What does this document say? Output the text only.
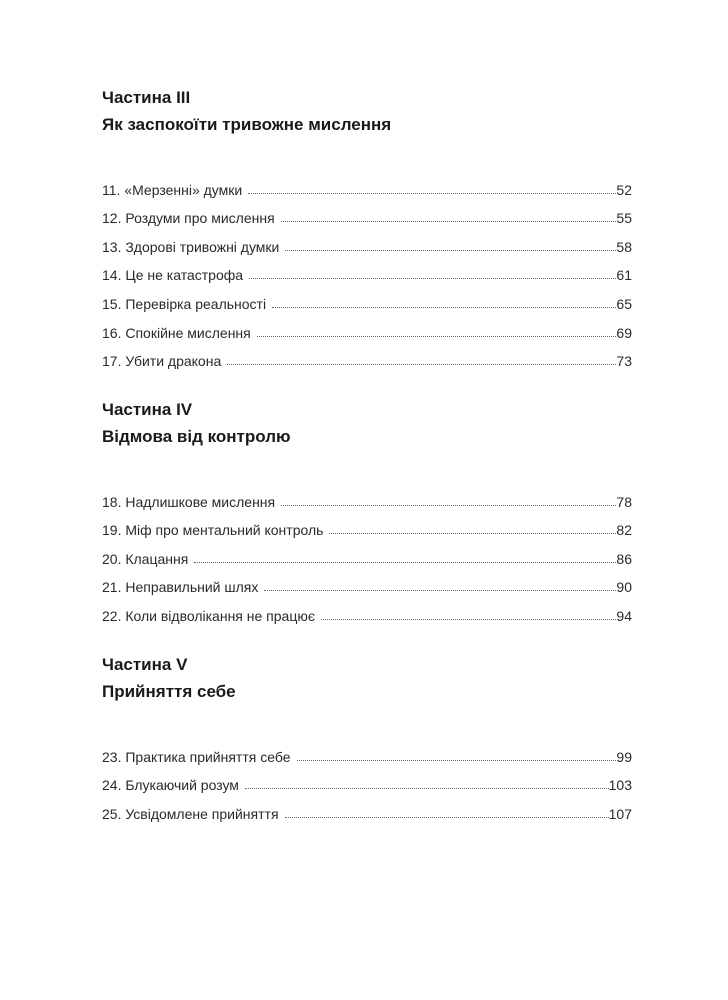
Частина III
Як заспокоїти тривожне мислення
11. «Мерзенні» думки	52
12. Роздуми про мислення	55
13. Здорові тривожні думки	58
14. Це не катастрофа	61
15. Перевірка реальності	65
16. Спокійне мислення	69
17. Убити дракона	73
Частина IV
Відмова від контролю
18. Надлишкове мислення	78
19. Міф про ментальний контроль	82
20. Клацання	86
21. Неправильний шлях	90
22. Коли відволікання не працює	94
Частина V
Прийняття себе
23. Практика прийняття себе	99
24. Блукаючий розум	103
25. Усвідомлене прийняття	107
